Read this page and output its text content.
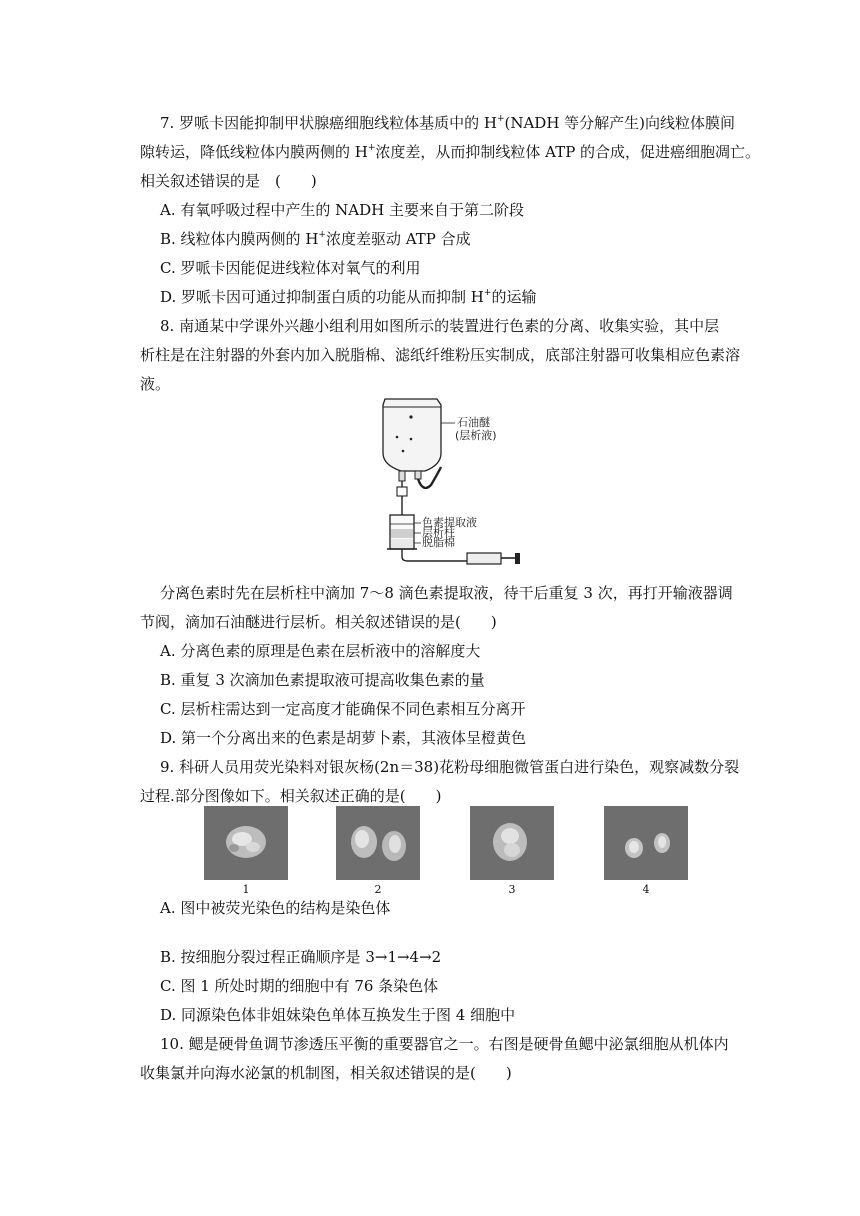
7. 罗哌卡因能抑制甲状腺癌细胞线粒体基质中的 H+(NADH 等分解产生)向线粒体膜间
隙转运，降低线粒体内膜两侧的 H+浓度差，从而抑制线粒体 ATP 的合成，促进癌细胞凋亡。
相关叙述错误的是　(　　)
A. 有氧呼吸过程中产生的 NADH 主要来自于第二阶段
B. 线粒体内膜两侧的 H+浓度差驱动 ATP 合成
C. 罗哌卡因能促进线粒体对氧气的利用
D. 罗哌卡因可通过抑制蛋白质的功能从而抑制 H+的运输
8. 南通某中学课外兴趣小组利用如图所示的装置进行色素的分离、收集实验，其中层
析柱是在注射器的外套内加入脱脂棉、滤纸纤维粉压实制成，底部注射器可收集相应色素溶
液。
石油醚
(层析液)
色素提取液
层析柱
脱脂棉
分离色素时先在层析柱中滴加 7～8 滴色素提取液，待干后重复 3 次，再打开输液器调
节阀，滴加石油醚进行层析。相关叙述错误的是(　　)
A. 分离色素的原理是色素在层析液中的溶解度大
B. 重复 3 次滴加色素提取液可提高收集色素的量
C. 层析柱需达到一定高度才能确保不同色素相互分离开
D. 第一个分离出来的色素是胡萝卜素，其液体呈橙黄色
9. 科研人员用荧光染料对银灰杨(2n＝38)花粉母细胞微管蛋白进行染色，观察减数分裂
过程.部分图像如下。相关叙述正确的是(　　)
1	2	3	4
A. 图中被荧光染色的结构是染色体
B. 按细胞分裂过程正确顺序是 3→1→4→2
C. 图 1 所处时期的细胞中有 76 条染色体
D. 同源染色体非姐妹染色单体互换发生于图 4 细胞中
10. 鳃是硬骨鱼调节渗透压平衡的重要器官之一。右图是硬骨鱼鳃中泌氯细胞从机体内
收集氯并向海水泌氯的机制图，相关叙述错误的是(　　)
